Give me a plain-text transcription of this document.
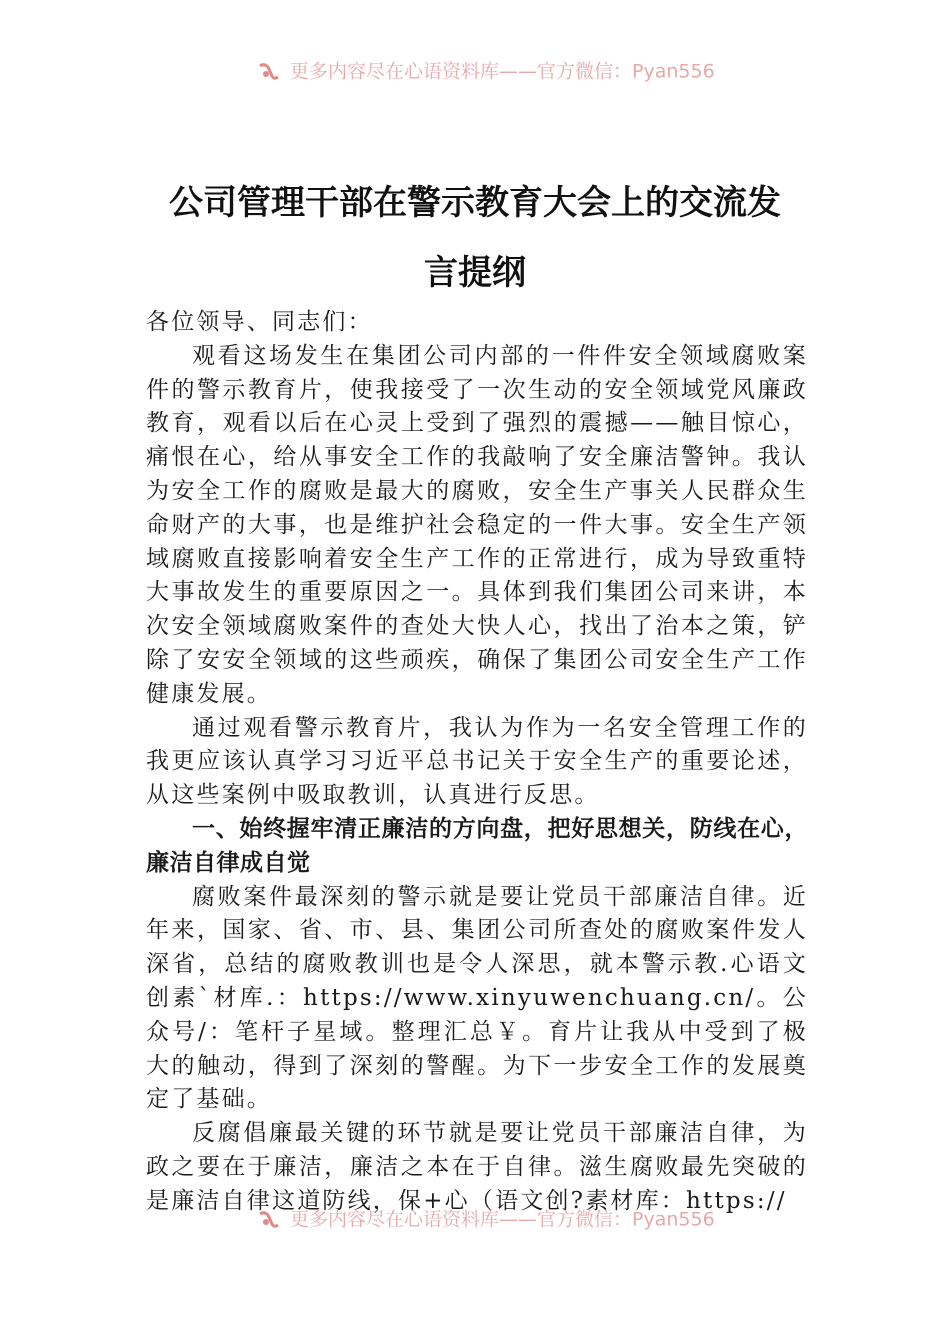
更多内容尽在心语资料库——官方微信：Pyan556
公司管理干部在警示教育大会上的交流发
言提纲

各位领导、同志们：

观看这场发生在集团公司内部的一件件安全领域腐败案件的警示教育片，使我接受了一次生动的安全领域党风廉政教育，观看以后在心灵上受到了强烈的震撼——触目惊心，痛恨在心，给从事安全工作的我敲响了安全廉洁警钟。我认为安全工作的腐败是最大的腐败，安全生产事关人民群众生命财产的大事，也是维护社会稳定的一件大事。安全生产领域腐败直接影响着安全生产工作的正常进行，成为导致重特大事故发生的重要原因之一。具体到我们集团公司来讲，本次安全领域腐败案件的查处大快人心，找出了治本之策，铲除了安安全领域的这些顽疾，确保了集团公司安全生产工作健康发展。

通过观看警示教育片，我认为作为一名安全管理工作的我更应该认真学习习近平总书记关于安全生产的重要论述，从这些案例中吸取教训，认真进行反思。

一、始终握牢清正廉洁的方向盘，把好思想关，防线在心，廉洁自律成自觉

腐败案件最深刻的警示就是要让党员干部廉洁自律。近年来，国家、省、市、县、集团公司所查处的腐败案件发人深省，总结的腐败教训也是令人深思，就本警示教.心语文创素`材库.：https://www.xinyuwenchuang.cn/。公众号/：笔杆子星域。整理汇总￥。育片让我从中受到了极大的触动，得到了深刻的警醒。为下一步安全工作的发展奠定了基础。

反腐倡廉最关键的环节就是要让党员干部廉洁自律，为政之要在于廉洁，廉洁之本在于自律。滋生腐败最先突破的是廉洁自律这道防线，保+心（语文创?素材库：https://

更多内容尽在心语资料库——官方微信：Pyan556
